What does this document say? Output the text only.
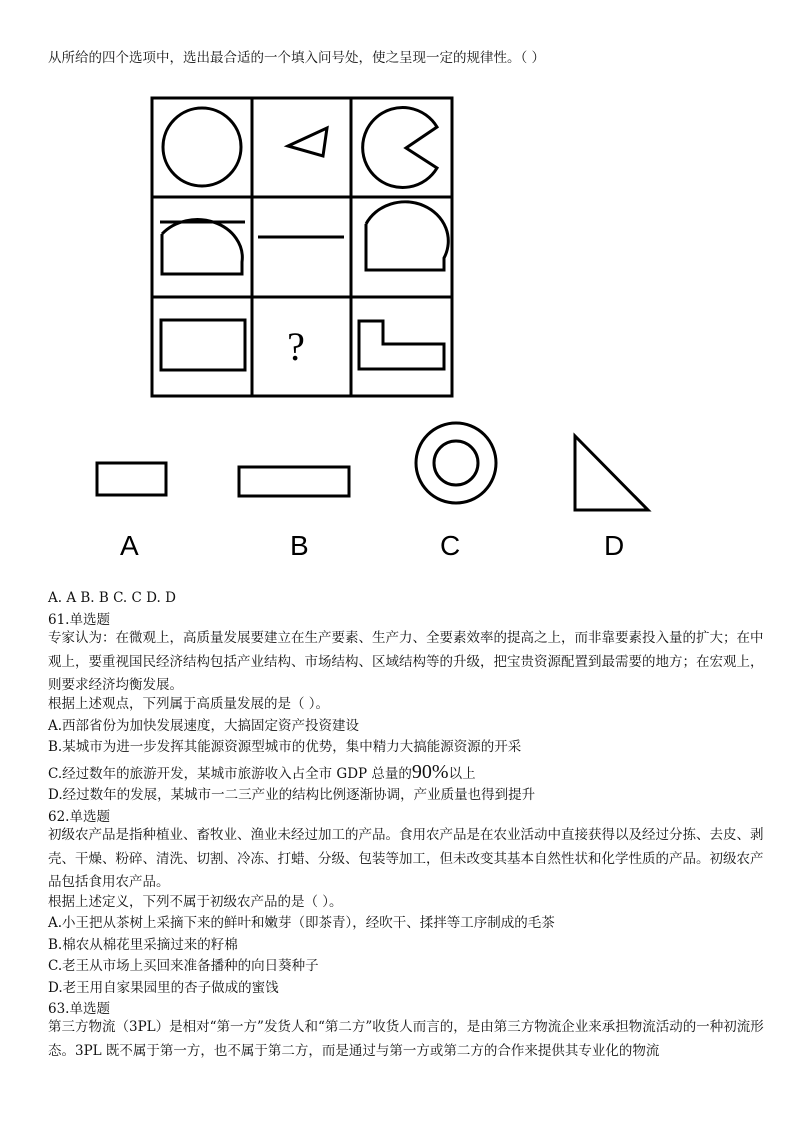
从所给的四个选项中，选出最合适的一个填入问号处，使之呈现一定的规律性。（ ）
?
A	B	C	D
A. A B. B C. C D. D
61.单选题
专家认为：在微观上，高质量发展要建立在生产要素、生产力、全要素效率的提高之上，而非靠要素投入量的扩大；在中观上，要重视国民经济结构包括产业结构、市场结构、区域结构等的升级，把宝贵资源配置到最需要的地方；在宏观上，则要求经济均衡发展。
根据上述观点，下列属于高质量发展的是（ ）。
A.西部省份为加快发展速度，大搞固定资产投资建设
B.某城市为进一步发挥其能源资源型城市的优势，集中精力大搞能源资源的开采
C.经过数年的旅游开发，某城市旅游收入占全市 GDP 总量的90%以上
D.经过数年的发展，某城市一二三产业的结构比例逐渐协调，产业质量也得到提升
62.单选题
初级农产品是指种植业、畜牧业、渔业未经过加工的产品。食用农产品是在农业活动中直接获得以及经过分拣、去皮、剥壳、干燥、粉碎、清洗、切割、冷冻、打蜡、分级、包装等加工，但未改变其基本自然性状和化学性质的产品。初级农产品包括食用农产品。
根据上述定义，下列不属于初级农产品的是（ ）。
A.小王把从茶树上采摘下来的鲜叶和嫩芽（即茶青），经吹干、揉拌等工序制成的毛茶
B.棉农从棉花里采摘过来的籽棉
C.老王从市场上买回来准备播种的向日葵种子
D.老王用自家果园里的杏子做成的蜜饯
63.单选题
第三方物流（3PL）是相对“第一方”发货人和“第二方”收货人而言的，是由第三方物流企业来承担物流活动的一种初流形态。3PL 既不属于第一方，也不属于第二方，而是通过与第一方或第二方的合作来提供其专业化的物流
